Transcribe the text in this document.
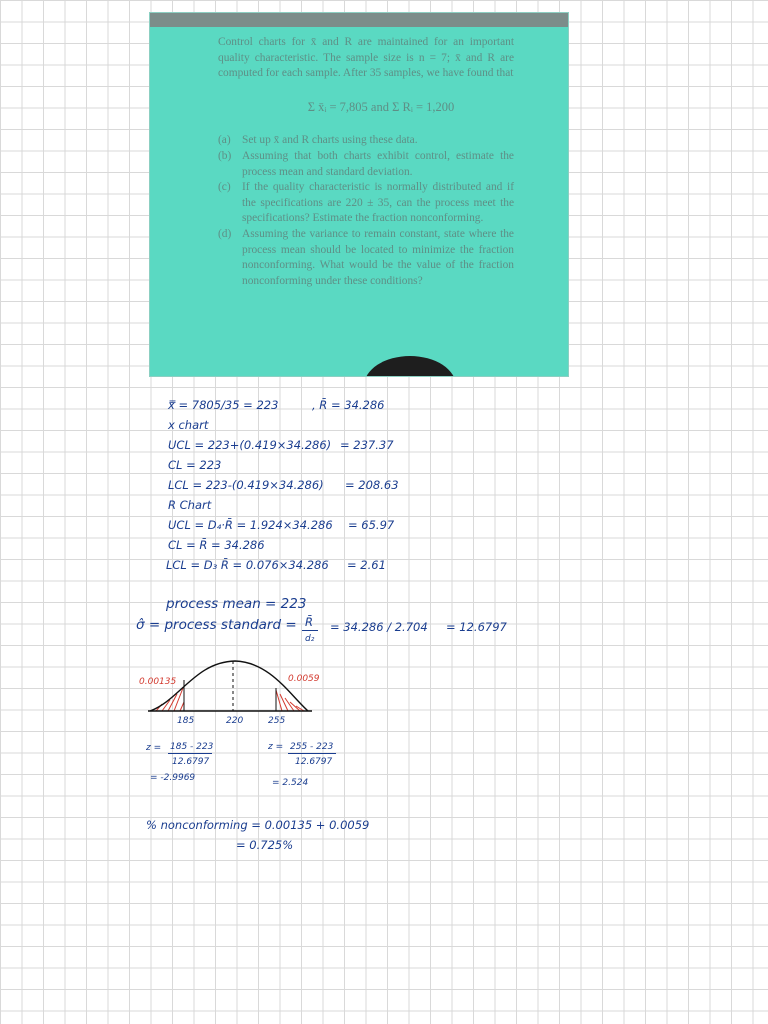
Control charts for x̄ and R are maintained for an important quality characteristic. The sample size is n = 7; x̄ and R are computed for each sample. After 35 samples, we have found that
Σ x̄ᵢ = 7,805 and Σ Rᵢ = 1,200
(a) Set up x̄ and R charts using these data.
(b) Assuming that both charts exhibit control, estimate the process mean and standard deviation.
(c) If the quality characteristic is normally distributed and if the specifications are 220 ± 35, can the process meet the specifications? Estimate the fraction nonconforming.
(d) Assuming the variance to remain constant, state where the process mean should be located to minimize the fraction nonconforming. What would be the value of the fraction nonconforming under these conditions?
x̿ = 7805/35 = 223	, R̄ = 34.286
x chart
UCL = 223+(0.419×34.286) = 237.37
CL = 223
LCL = 223-(0.419×34.286) = 208.63
R Chart
UCL = D₄·R̄ = 1.924×34.286 = 65.97
CL = R̄ = 34.286
LCL = D₃ R̄ = 0.076×34.286 = 2.61
process mean = 223
σ̂ = process standard = R̄
d₂
= 34.286 / 2.704 = 12.6797
0.00135	0.0059
185	220	255
z = 185 - 223
12.6797
= -2.9969
z = 255 - 223
12.6797
= 2.524
% nonconforming = 0.00135 + 0.0059
= 0.725%
